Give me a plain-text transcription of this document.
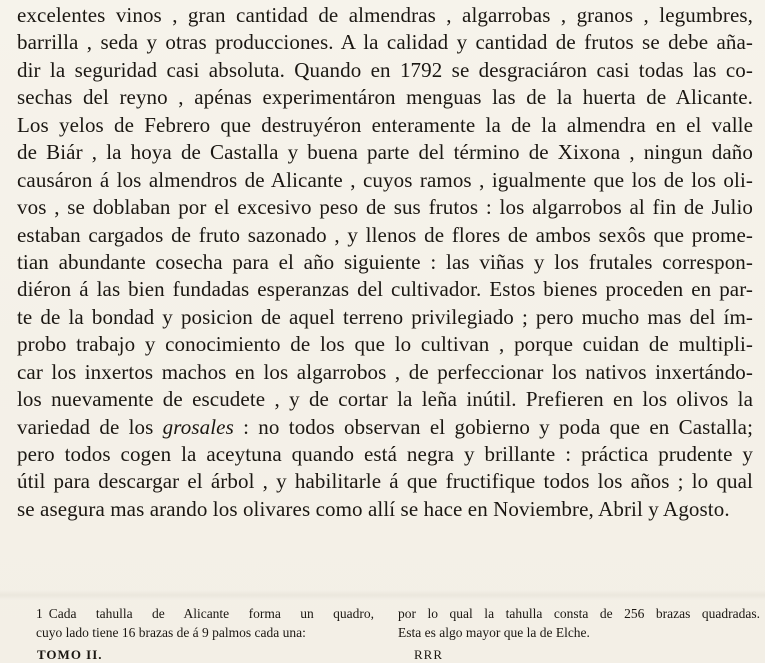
excelentes vinos , gran cantidad de almendras , algarrobas , granos , legumbres,
barrilla , seda y otras producciones. A la calidad y cantidad de frutos se debe aña-
dir la seguridad casi absoluta. Quando en 1792 se desgraciáron casi todas las co-
sechas del reyno , apénas experimentáron menguas las de la huerta de Alicante.
Los yelos de Febrero que destruyéron enteramente la de la almendra en el valle
de Biár , la hoya de Castalla y buena parte del término de Xixona , ningun daño
causáron á los almendros de Alicante , cuyos ramos , igualmente que los de los oli-
vos , se doblaban por el excesivo peso de sus frutos : los algarrobos al fin de Julio
estaban cargados de fruto sazonado , y llenos de flores de ambos sexôs que prome-
tian abundante cosecha para el año siguiente : las viñas y los frutales correspon-
diéron á las bien fundadas esperanzas del cultivador. Estos bienes proceden en par-
te de la bondad y posicion de aquel terreno privilegiado ; pero mucho mas del ím-
probo trabajo y conocimiento de los que lo cultivan , porque cuidan de multipli-
car los inxertos machos en los algarrobos , de perfeccionar los nativos inxertándo-
los nuevamente de escudete , y de cortar la leña inútil. Prefieren en los olivos la
variedad de los grosales : no todos observan el gobierno y poda que en Castalla;
pero todos cogen la aceytuna quando está negra y brillante : práctica prudente y
útil para descargar el árbol , y habilitarle á que fructifique todos los años ; lo qual
se asegura mas arando los olivares como allí se hace en Noviembre, Abril y Agosto.
1 Cada tahulla de Alicante forma un quadro,
cuyo lado tiene 16 brazas de á 9 palmos cada una:
por lo qual la tahulla consta de 256 brazas quadradas.
Esta es algo mayor que la de Elche.
TOMO II.	RRR
